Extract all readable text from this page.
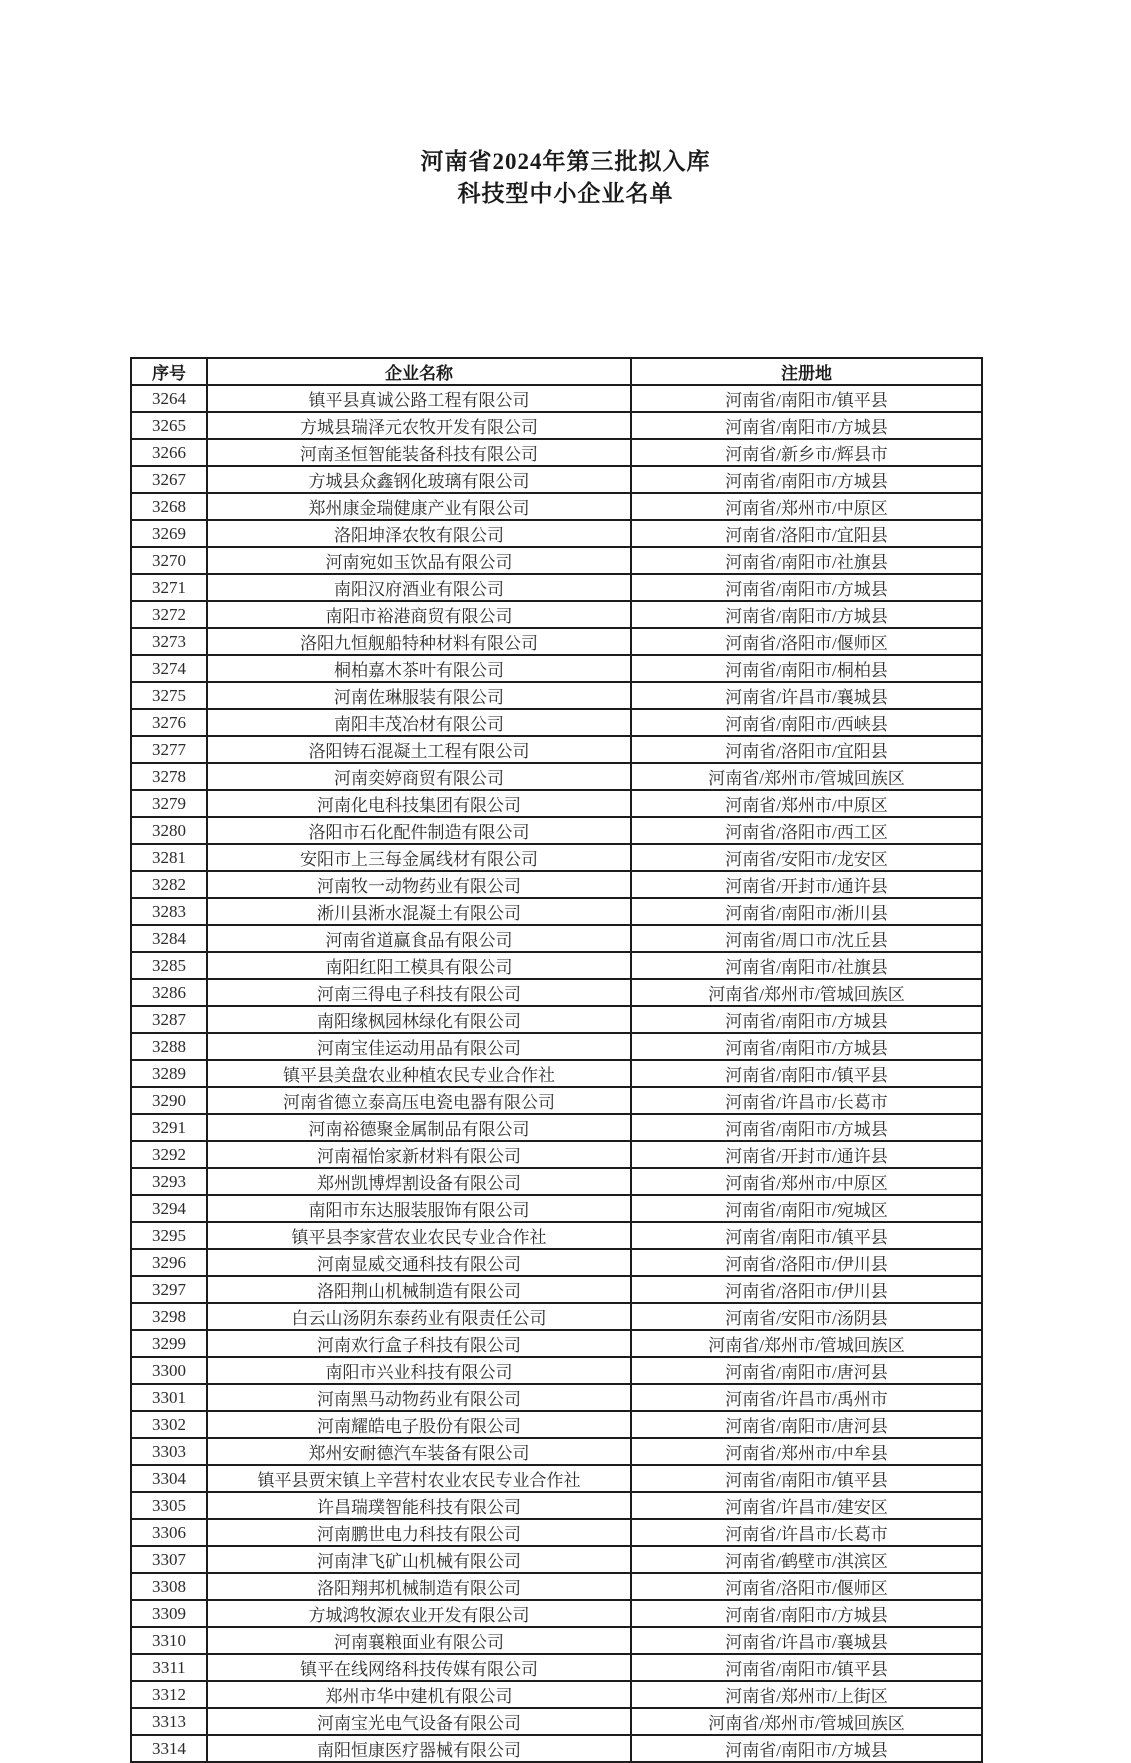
河南省2024年第三批拟入库
科技型中小企业名单
序号	企业名称	注册地
3264	镇平县真诚公路工程有限公司	河南省/南阳市/镇平县
3265	方城县瑞泽元农牧开发有限公司	河南省/南阳市/方城县
3266	河南圣恒智能装备科技有限公司	河南省/新乡市/辉县市
3267	方城县众鑫钢化玻璃有限公司	河南省/南阳市/方城县
3268	郑州康金瑞健康产业有限公司	河南省/郑州市/中原区
3269	洛阳坤泽农牧有限公司	河南省/洛阳市/宜阳县
3270	河南宛如玉饮品有限公司	河南省/南阳市/社旗县
3271	南阳汉府酒业有限公司	河南省/南阳市/方城县
3272	南阳市裕港商贸有限公司	河南省/南阳市/方城县
3273	洛阳九恒舰船特种材料有限公司	河南省/洛阳市/偃师区
3274	桐柏嘉木茶叶有限公司	河南省/南阳市/桐柏县
3275	河南佐琳服装有限公司	河南省/许昌市/襄城县
3276	南阳丰茂冶材有限公司	河南省/南阳市/西峡县
3277	洛阳铸石混凝土工程有限公司	河南省/洛阳市/宜阳县
3278	河南奕婷商贸有限公司	河南省/郑州市/管城回族区
3279	河南化电科技集团有限公司	河南省/郑州市/中原区
3280	洛阳市石化配件制造有限公司	河南省/洛阳市/西工区
3281	安阳市上三每金属线材有限公司	河南省/安阳市/龙安区
3282	河南牧一动物药业有限公司	河南省/开封市/通许县
3283	淅川县淅水混凝土有限公司	河南省/南阳市/淅川县
3284	河南省道赢食品有限公司	河南省/周口市/沈丘县
3285	南阳红阳工模具有限公司	河南省/南阳市/社旗县
3286	河南三得电子科技有限公司	河南省/郑州市/管城回族区
3287	南阳缘枫园林绿化有限公司	河南省/南阳市/方城县
3288	河南宝佳运动用品有限公司	河南省/南阳市/方城县
3289	镇平县美盘农业种植农民专业合作社	河南省/南阳市/镇平县
3290	河南省德立泰高压电瓷电器有限公司	河南省/许昌市/长葛市
3291	河南裕德聚金属制品有限公司	河南省/南阳市/方城县
3292	河南福怡家新材料有限公司	河南省/开封市/通许县
3293	郑州凯博焊割设备有限公司	河南省/郑州市/中原区
3294	南阳市东达服装服饰有限公司	河南省/南阳市/宛城区
3295	镇平县李家营农业农民专业合作社	河南省/南阳市/镇平县
3296	河南显威交通科技有限公司	河南省/洛阳市/伊川县
3297	洛阳荆山机械制造有限公司	河南省/洛阳市/伊川县
3298	白云山汤阴东泰药业有限责任公司	河南省/安阳市/汤阴县
3299	河南欢行盒子科技有限公司	河南省/郑州市/管城回族区
3300	南阳市兴业科技有限公司	河南省/南阳市/唐河县
3301	河南黑马动物药业有限公司	河南省/许昌市/禹州市
3302	河南耀皓电子股份有限公司	河南省/南阳市/唐河县
3303	郑州安耐德汽车装备有限公司	河南省/郑州市/中牟县
3304	镇平县贾宋镇上辛营村农业农民专业合作社	河南省/南阳市/镇平县
3305	许昌瑞璞智能科技有限公司	河南省/许昌市/建安区
3306	河南鹏世电力科技有限公司	河南省/许昌市/长葛市
3307	河南津飞矿山机械有限公司	河南省/鹤壁市/淇滨区
3308	洛阳翔邦机械制造有限公司	河南省/洛阳市/偃师区
3309	方城鸿牧源农业开发有限公司	河南省/南阳市/方城县
3310	河南襄粮面业有限公司	河南省/许昌市/襄城县
3311	镇平在线网络科技传媒有限公司	河南省/南阳市/镇平县
3312	郑州市华中建机有限公司	河南省/郑州市/上街区
3313	河南宝光电气设备有限公司	河南省/郑州市/管城回族区
3314	南阳恒康医疗器械有限公司	河南省/南阳市/方城县
